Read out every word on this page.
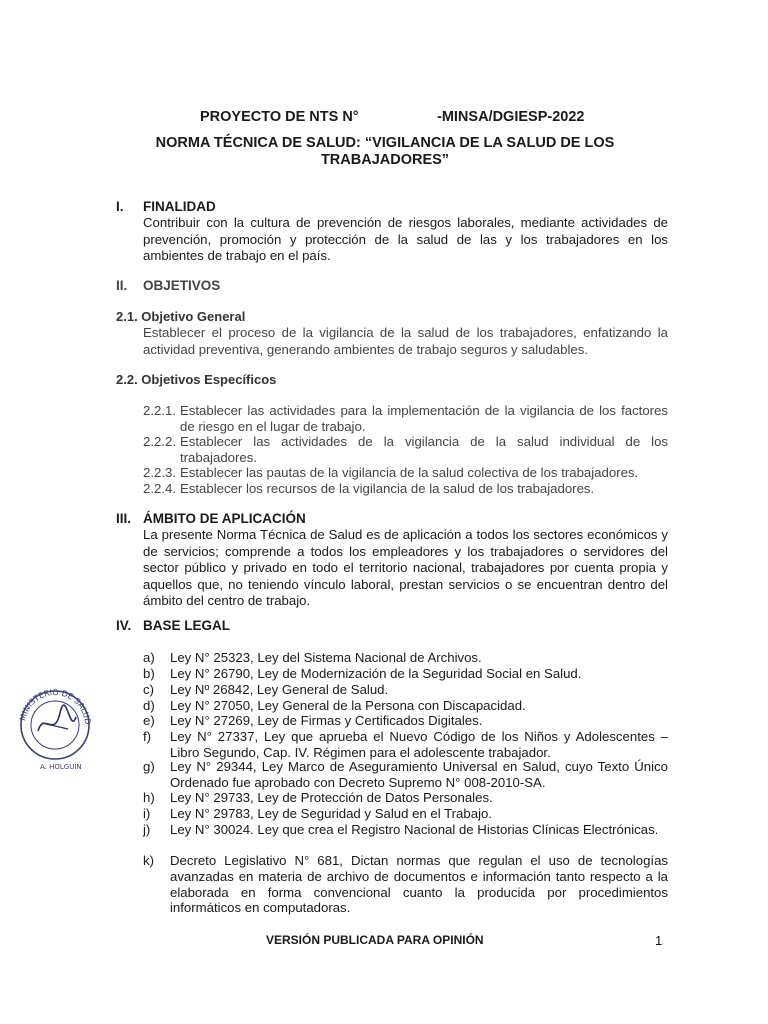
PROYECTO DE NTS N°	-MINSA/DGIESP-2022
NORMA TÉCNICA DE SALUD: “VIGILANCIA DE LA SALUD DE LOS TRABAJADORES”
I. FINALIDAD
Contribuir con la cultura de prevención de riesgos laborales, mediante actividades de prevención, promoción y protección de la salud de las y los trabajadores en los ambientes de trabajo en el país.
II. OBJETIVOS
2.1. Objetivo General
Establecer el proceso de la vigilancia de la salud de los trabajadores, enfatizando la actividad preventiva, generando ambientes de trabajo seguros y saludables.
2.2. Objetivos Específicos
2.2.1. Establecer las actividades para la implementación de la vigilancia de los factores de riesgo en el lugar de trabajo.
2.2.2. Establecer las actividades de la vigilancia de la salud individual de los trabajadores.
2.2.3. Establecer las pautas de la vigilancia de la salud colectiva de los trabajadores.
2.2.4. Establecer los recursos de la vigilancia de la salud de los trabajadores.
III. ÁMBITO DE APLICACIÓN
La presente Norma Técnica de Salud es de aplicación a todos los sectores económicos y de servicios; comprende a todos los empleadores y los trabajadores o servidores del sector público y privado en todo el territorio nacional, trabajadores por cuenta propia y aquellos que, no teniendo vínculo laboral, prestan servicios o se encuentran dentro del ámbito del centro de trabajo.
IV. BASE LEGAL
a) Ley N° 25323, Ley del Sistema Nacional de Archivos.
b) Ley N° 26790, Ley de Modernización de la Seguridad Social en Salud.
c) Ley Nº 26842, Ley General de Salud.
d) Ley N° 27050, Ley General de la Persona con Discapacidad.
e) Ley N° 27269, Ley de Firmas y Certificados Digitales.
f) Ley N° 27337, Ley que aprueba el Nuevo Código de los Niños y Adolescentes – Libro Segundo, Cap. IV. Régimen para el adolescente trabajador.
g) Ley N° 29344, Ley Marco de Aseguramiento Universal en Salud, cuyo Texto Único Ordenado fue aprobado con Decreto Supremo N° 008-2010-SA.
h) Ley N° 29733, Ley de Protección de Datos Personales.
i) Ley N° 29783, Ley de Seguridad y Salud en el Trabajo.
j) Ley N° 30024. Ley que crea el Registro Nacional de Historias Clínicas Electrónicas.
k) Decreto Legislativo N° 681, Dictan normas que regulan el uso de tecnologías avanzadas en materia de archivo de documentos e información tanto respecto a la elaborada en forma convencional cuanto la producida por procedimientos informáticos en computadoras.
MINISTERIO DE SALUD
A. HOLGUÍN
VERSIÓN PUBLICADA PARA OPINIÓN	1
